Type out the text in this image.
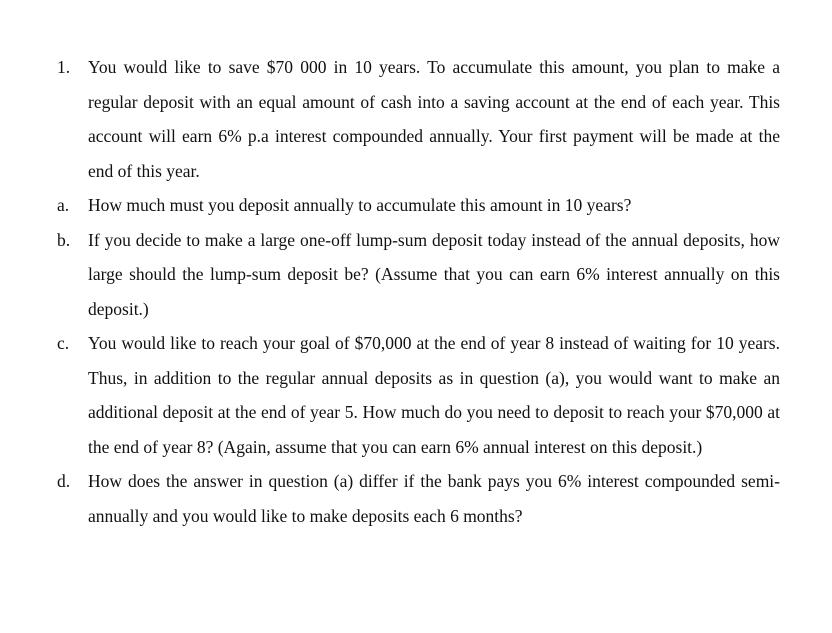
1.	You would like to save $70 000 in 10 years. To accumulate this amount, you plan to make a regular deposit with an equal amount of cash into a saving account at the end of each year. This account will earn 6% p.a interest compounded annually. Your first payment will be made at the end of this year.
a.	How much must you deposit annually to accumulate this amount in 10 years?
b.	If you decide to make a large one-off lump-sum deposit today instead of the annual deposits, how large should the lump-sum deposit be? (Assume that you can earn 6% interest annually on this deposit.)
c.	You would like to reach your goal of $70,000 at the end of year 8 instead of waiting for 10 years. Thus, in addition to the regular annual deposits as in question (a), you would want to make an additional deposit at the end of year 5. How much do you need to deposit to reach your $70,000 at the end of year 8? (Again, assume that you can earn 6% annual interest on this deposit.)
d.	How does the answer in question (a) differ if the bank pays you 6% interest compounded semi-annually and you would like to make deposits each 6 months?
